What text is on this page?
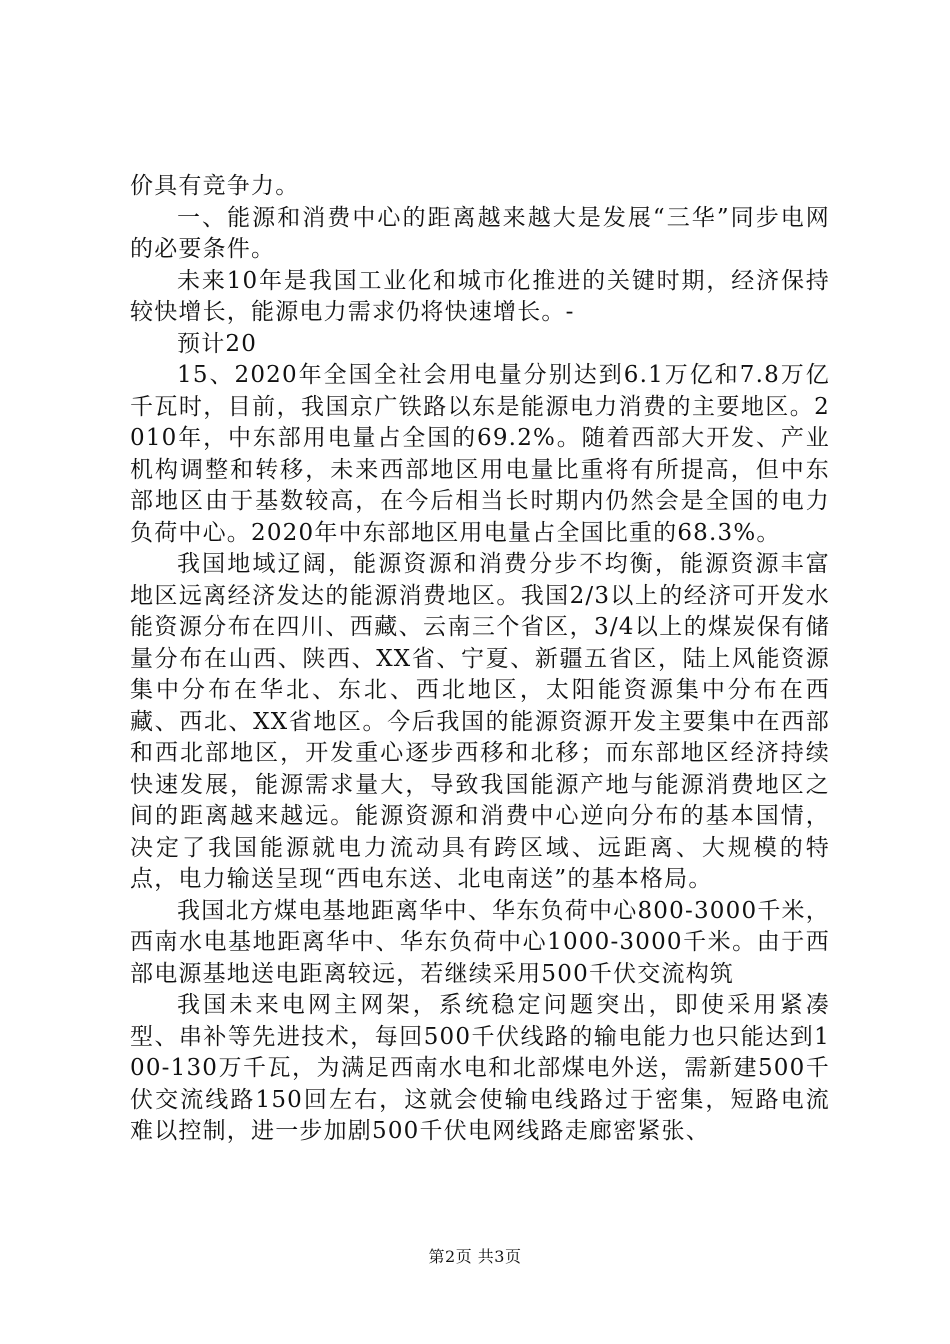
价具有竞争力。

一、能源和消费中心的距离越来越大是发展“三华”同步电网的必要条件。

未来10年是我国工业化和城市化推进的关键时期，经济保持较快增长，能源电力需求仍将快速增长。-

预计20

15、2020年全国全社会用电量分别达到6.1万亿和7.8万亿千瓦时，目前，我国京广铁路以东是能源电力消费的主要地区。2010年，中东部用电量占全国的69.2%。随着西部大开发、产业机构调整和转移，未来西部地区用电量比重将有所提高，但中东部地区由于基数较高，在今后相当长时期内仍然会是全国的电力负荷中心。2020年中东部地区用电量占全国比重的68.3%。

我国地域辽阔，能源资源和消费分步不均衡，能源资源丰富地区远离经济发达的能源消费地区。我国2/3以上的经济可开发水能资源分布在四川、西藏、云南三个省区，3/4以上的煤炭保有储量分布在山西、陕西、XX省、宁夏、新疆五省区，陆上风能资源集中分布在华北、东北、西北地区，太阳能资源集中分布在西藏、西北、XX省地区。今后我国的能源资源开发主要集中在西部和西北部地区，开发重心逐步西移和北移；而东部地区经济持续快速发展，能源需求量大，导致我国能源产地与能源消费地区之间的距离越来越远。能源资源和消费中心逆向分布的基本国情，决定了我国能源就电力流动具有跨区域、远距离、大规模的特点，电力输送呈现“西电东送、北电南送”的基本格局。

我国北方煤电基地距离华中、华东负荷中心800-3000千米，西南水电基地距离华中、华东负荷中心1000-3000千米。由于西部电源基地送电距离较远，若继续采用500千伏交流构筑

我国未来电网主网架，系统稳定问题突出，即使采用紧凑型、串补等先进技术，每回500千伏线路的输电能力也只能达到100-130万千瓦，为满足西南水电和北部煤电外送，需新建500千伏交流线路150回左右，这就会使输电线路过于密集，短路电流难以控制，进一步加剧500千伏电网线路走廊密紧张、

第2页 共3页
